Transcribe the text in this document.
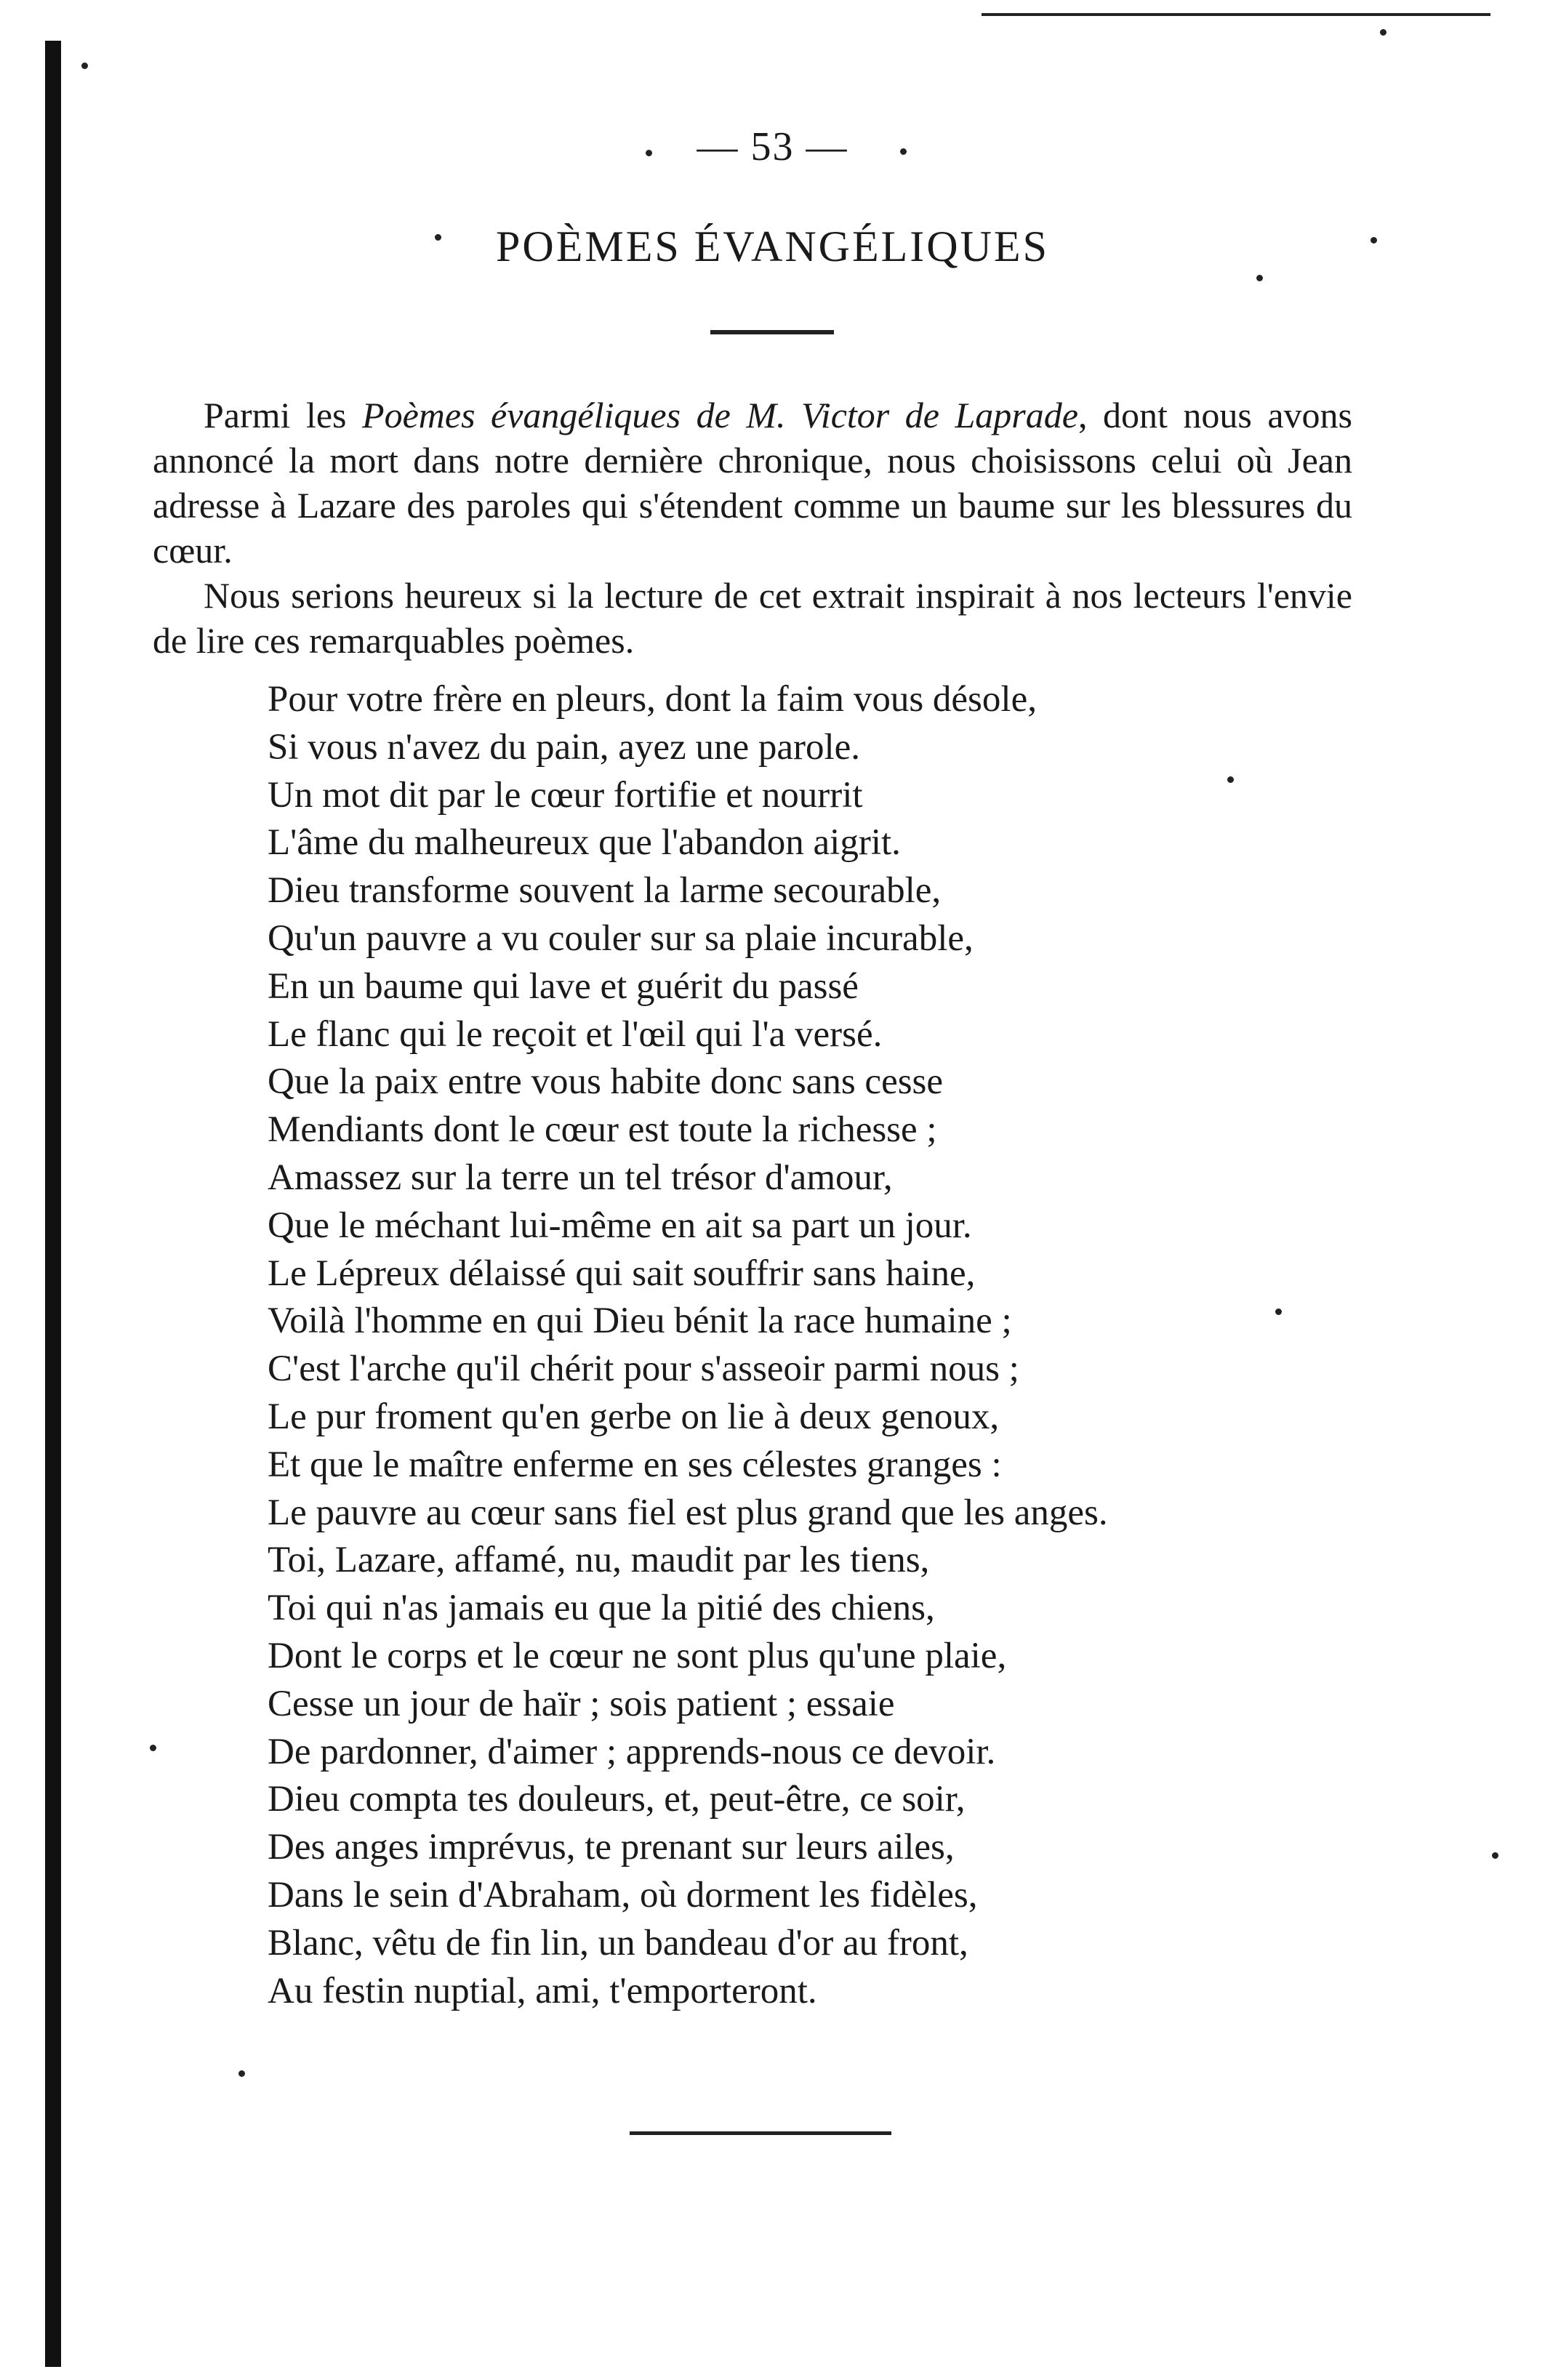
— 53 —
POÈMES ÉVANGÉLIQUES

Parmi les Poèmes évangéliques de M. Victor de Laprade, dont nous avons annoncé la mort dans notre dernière chronique, nous choisissons celui où Jean adresse à Lazare des paroles qui s'étendent comme un baume sur les blessures du cœur.

Nous serions heureux si la lecture de cet extrait inspirait à nos lecteurs l'envie de lire ces remarquables poèmes.

Pour votre frère en pleurs, dont la faim vous désole,
Si vous n'avez du pain, ayez une parole.
Un mot dit par le cœur fortifie et nourrit
L'âme du malheureux que l'abandon aigrit.
Dieu transforme souvent la larme secourable,
Qu'un pauvre a vu couler sur sa plaie incurable,
En un baume qui lave et guérit du passé
Le flanc qui le reçoit et l'œil qui l'a versé.
Que la paix entre vous habite donc sans cesse
Mendiants dont le cœur est toute la richesse ;
Amassez sur la terre un tel trésor d'amour,
Que le méchant lui-même en ait sa part un jour.
Le Lépreux délaissé qui sait souffrir sans haine,
Voilà l'homme en qui Dieu bénit la race humaine ;
C'est l'arche qu'il chérit pour s'asseoir parmi nous ;
Le pur froment qu'en gerbe on lie à deux genoux,
Et que le maître enferme en ses célestes granges :
Le pauvre au cœur sans fiel est plus grand que les anges.
Toi, Lazare, affamé, nu, maudit par les tiens,
Toi qui n'as jamais eu que la pitié des chiens,
Dont le corps et le cœur ne sont plus qu'une plaie,
Cesse un jour de haïr ; sois patient ; essaie
De pardonner, d'aimer ; apprends-nous ce devoir.
Dieu compta tes douleurs, et, peut-être, ce soir,
Des anges imprévus, te prenant sur leurs ailes,
Dans le sein d'Abraham, où dorment les fidèles,
Blanc, vêtu de fin lin, un bandeau d'or au front,
Au festin nuptial, ami, t'emporteront.
